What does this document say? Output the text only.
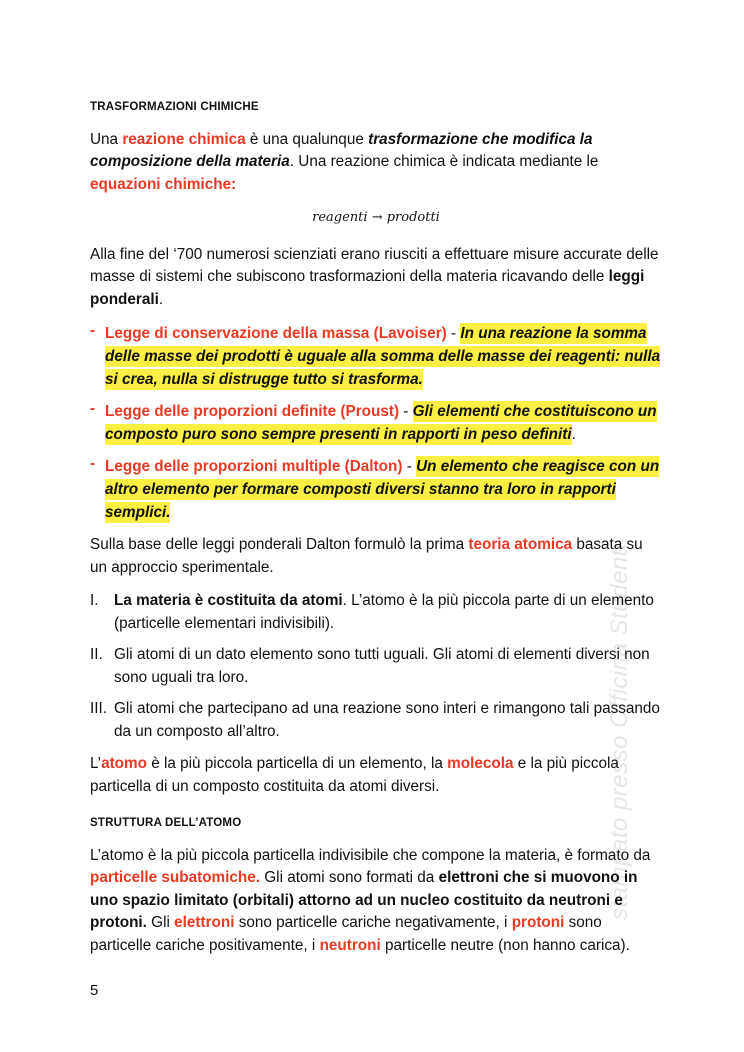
stampato presso Officina Studenti
TRASFORMAZIONI CHIMICHE

Una reazione chimica è una qualunque trasformazione che modifica la composizione della materia. Una reazione chimica è indicata mediante le equazioni chimiche:

reagenti → prodotti

Alla fine del ‘700 numerosi scienziati erano riusciti a effettuare misure accurate delle masse di sistemi che subiscono trasformazioni della materia ricavando delle leggi ponderali.

- Legge di conservazione della massa (Lavoiser) - In una reazione la somma delle masse dei prodotti è uguale alla somma delle masse dei reagenti: nulla si crea, nulla si distrugge tutto si trasforma.
- Legge delle proporzioni definite (Proust) - Gli elementi che costituiscono un composto puro sono sempre presenti in rapporti in peso definiti.
- Legge delle proporzioni multiple (Dalton) - Un elemento che reagisce con un altro elemento per formare composti diversi stanno tra loro in rapporti semplici.

Sulla base delle leggi ponderali Dalton formulò la prima teoria atomica basata su un approccio sperimentale.

I. La materia è costituita da atomi. L’atomo è la più piccola parte di un elemento (particelle elementari indivisibili).
II. Gli atomi di un dato elemento sono tutti uguali. Gli atomi di elementi diversi non sono uguali tra loro.
III. Gli atomi che partecipano ad una reazione sono interi e rimangono tali passando da un composto all’altro.

L’atomo è la più piccola particella di un elemento, la molecola e la più piccola particella di un composto costituita da atomi diversi.

STRUTTURA DELL’ATOMO

L’atomo è la più piccola particella indivisibile che compone la materia, è formato da particelle subatomiche. Gli atomi sono formati da elettroni che si muovono in uno spazio limitato (orbitali) attorno ad un nucleo costituito da neutroni e protoni. Gli elettroni sono particelle cariche negativamente, i protoni sono particelle cariche positivamente, i neutroni particelle neutre (non hanno carica).

5
